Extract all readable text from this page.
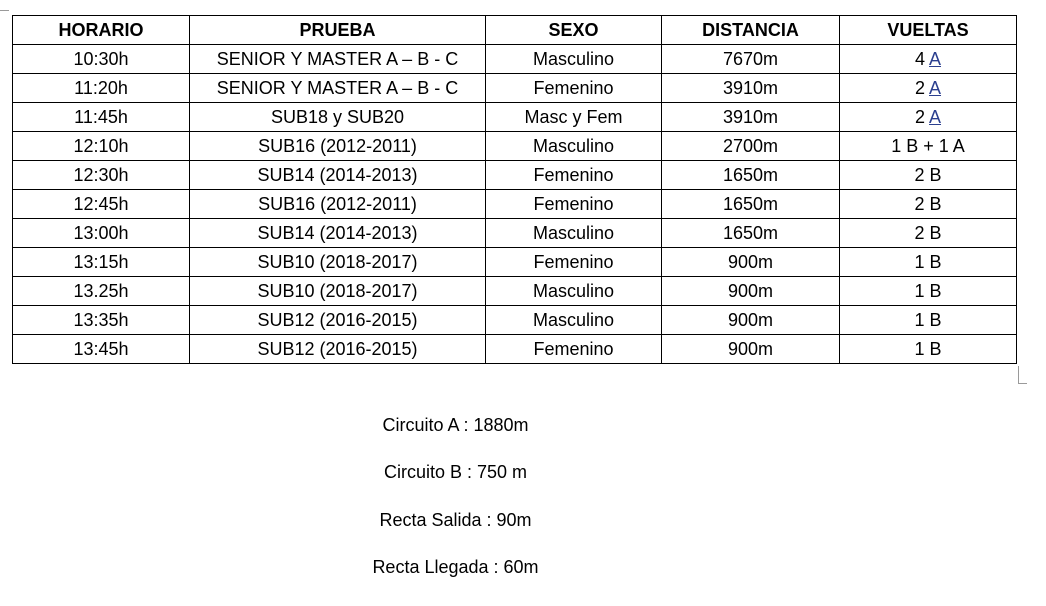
HORARIO	PRUEBA	SEXO	DISTANCIA	VUELTAS
10:30h	SENIOR Y MASTER A – B - C	Masculino	7670m	4 A
11:20h	SENIOR Y MASTER A – B - C	Femenino	3910m	2 A
11:45h	SUB18 y SUB20	Masc y Fem	3910m	2 A
12:10h	SUB16 (2012-2011)	Masculino	2700m	1 B + 1 A
12:30h	SUB14 (2014-2013)	Femenino	1650m	2 B
12:45h	SUB16 (2012-2011)	Femenino	1650m	2 B
13:00h	SUB14 (2014-2013)	Masculino	1650m	2 B
13:15h	SUB10 (2018-2017)	Femenino	900m	1 B
13.25h	SUB10 (2018-2017)	Masculino	900m	1 B
13:35h	SUB12 (2016-2015)	Masculino	900m	1 B
13:45h	SUB12 (2016-2015)	Femenino	900m	1 B
Circuito A : 1880m
Circuito B : 750 m
Recta Salida : 90m
Recta Llegada : 60m
